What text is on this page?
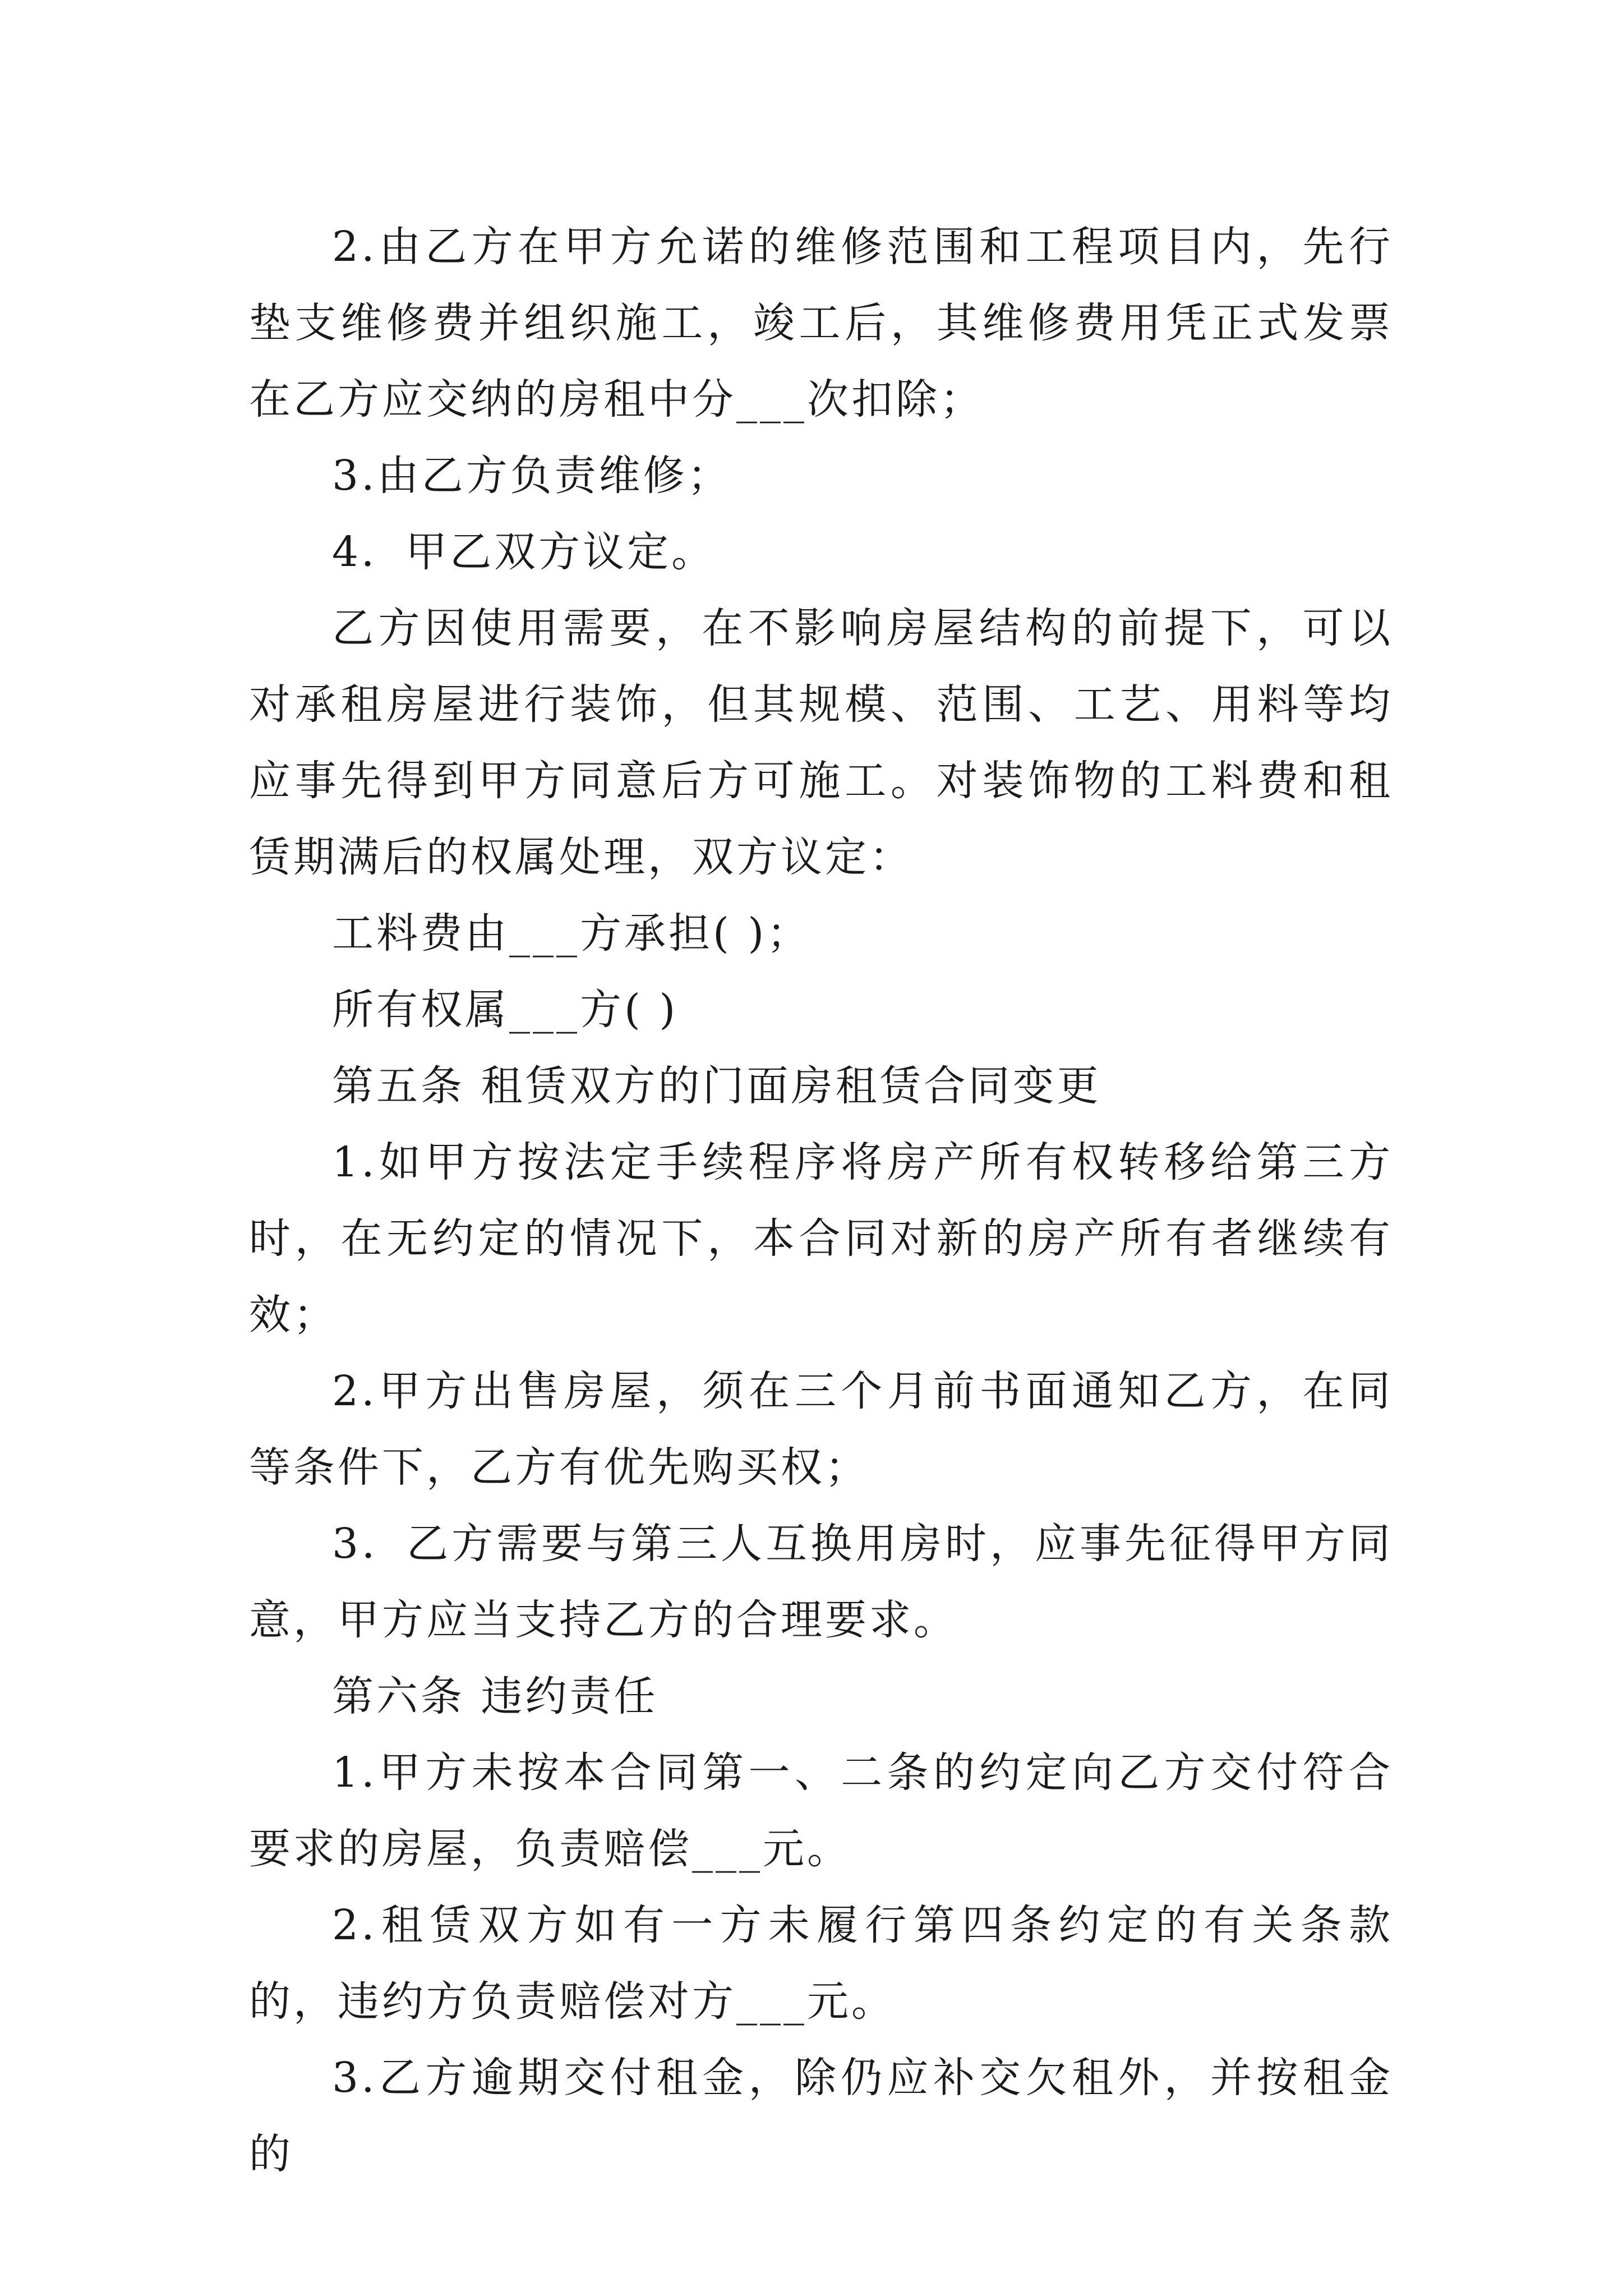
2.由乙方在甲方允诺的维修范围和工程项目内，先行垫支维修费并组织施工，竣工后，其维修费用凭正式发票在乙方应交纳的房租中分___次扣除；

3.由乙方负责维修；

4．甲乙双方议定。

乙方因使用需要，在不影响房屋结构的前提下，可以对承租房屋进行装饰，但其规模、范围、工艺、用料等均应事先得到甲方同意后方可施工。对装饰物的工料费和租赁期满后的权属处理，双方议定：

工料费由___方承担( )；

所有权属___方( )

第五条 租赁双方的门面房租赁合同变更

1.如甲方按法定手续程序将房产所有权转移给第三方时，在无约定的情况下，本合同对新的房产所有者继续有效；

2.甲方出售房屋，须在三个月前书面通知乙方，在同等条件下，乙方有优先购买权；

3．乙方需要与第三人互换用房时，应事先征得甲方同意，甲方应当支持乙方的合理要求。

第六条 违约责任

1.甲方未按本合同第一、二条的约定向乙方交付符合要求的房屋，负责赔偿___元。

2.租赁双方如有一方未履行第四条约定的有关条款的，违约方负责赔偿对方___元。

3.乙方逾期交付租金，除仍应补交欠租外，并按租金的
